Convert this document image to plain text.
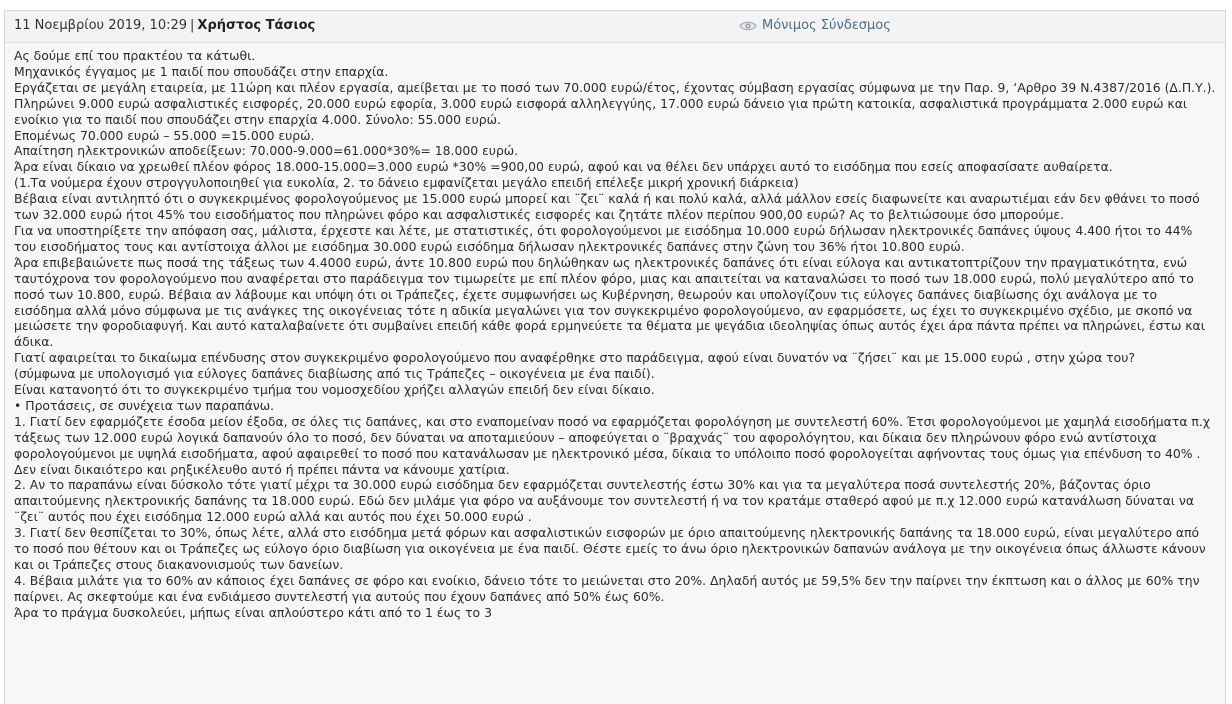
11 Νοεμβρίου 2019, 10:29 | Χρήστος Τάσιος	Μόνιμος Σύνδεσμος

Ας δούμε επί του πρακτέου τα κάτωθι.

Μηχανικός έγγαμος με 1 παιδί που σπουδάζει στην επαρχία.

Εργάζεται σε μεγάλη εταιρεία, με 11ώρη και πλέον εργασία, αμείβεται με το ποσό των 70.000 ευρώ/έτος, έχοντας σύμβαση εργασίας σύμφωνα με την Παρ. 9, ‘Αρθρο 39 Ν.4387/2016 (Δ.Π.Υ.).

Πληρώνει 9.000 ευρώ ασφαλιστικές εισφορές, 20.000 ευρώ εφορία, 3.000 ευρώ εισφορά αλληλεγγύης, 17.000 ευρώ δάνειο για πρώτη κατοικία, ασφαλιστικά προγράμματα 2.000 ευρώ και ενοίκιο για το παιδί που σπουδάζει στην επαρχία 4.000. Σύνολο: 55.000 ευρώ.

Επομένως 70.000 ευρώ – 55.000 =15.000 ευρώ.

Απαίτηση ηλεκτρονικών αποδείξεων: 70.000-9.000=61.000*30%= 18.000 ευρώ.

Άρα είναι δίκαιο να χρεωθεί πλέον φόρος 18.000-15.000=3.000 ευρώ *30% =900,00 ευρώ, αφού και να θέλει δεν υπάρχει αυτό το εισόδημα που εσείς αποφασίσατε αυθαίρετα.

(1.Τα νούμερα έχουν στρογγυλοποιηθεί για ευκολία, 2. το δάνειο εμφανίζεται μεγάλο επειδή επέλεξε μικρή χρονική διάρκεια)

Βέβαια είναι αντιληπτό ότι ο συγκεκριμένος φορολογούμενος με 15.000 ευρώ μπορεί και ¨ζει¨ καλά ή και πολύ καλά, αλλά μάλλον εσείς διαφωνείτε και αναρωτιέμαι εάν δεν φθάνει το ποσό των 32.000 ευρώ ήτοι 45% του εισοδήματος που πληρώνει φόρο και ασφαλιστικές εισφορές και ζητάτε πλέον περίπου 900,00 ευρώ? Ας το βελτιώσουμε όσο μπορούμε.

Για να υποστηρίξετε την απόφαση σας, μάλιστα, έρχεστε και λέτε, με στατιστικές, ότι φορολογούμενοι με εισόδημα 10.000 ευρώ δήλωσαν ηλεκτρονικές δαπάνες ύψους 4.400 ήτοι το 44% του εισοδήματος τους και αντίστοιχα άλλοι με εισόδημα 30.000 ευρώ εισόδημα δήλωσαν ηλεκτρονικές δαπάνες στην ζώνη του 36% ήτοι 10.800 ευρώ.

Άρα επιβεβαιώνετε πως ποσά της τάξεως των 4.4000 ευρώ, άντε 10.800 ευρώ που δηλώθηκαν ως ηλεκτρονικές δαπάνες ότι είναι εύλογα και αντικατοπτρίζουν την πραγματικότητα, ενώ ταυτόχρονα τον φορολογούμενο που αναφέρεται στο παράδειγμα τον τιμωρείτε με επί πλέον φόρο, μιας και απαιτείται να καταναλώσει το ποσό των 18.000 ευρώ, πολύ μεγαλύτερο από το ποσό των 10.800, ευρώ. Βέβαια αν λάβουμε και υπόψη ότι οι Τράπεζες, έχετε συμφωνήσει ως Κυβέρνηση, θεωρούν και υπολογίζουν τις εύλογες δαπάνες διαβίωσης όχι ανάλογα με το εισόδημα αλλά μόνο σύμφωνα με τις ανάγκες της οικογένειας τότε η αδικία μεγαλώνει για τον συγκεκριμένο φορολογούμενο, αν εφαρμόσετε, ως έχει το συγκεκριμένο σχέδιο, με σκοπό να μειώσετε την φοροδιαφυγή. Και αυτό καταλαβαίνετε ότι συμβαίνει επειδή κάθε φορά ερμηνεύετε τα θέματα με ψεγάδια ιδεοληψίας όπως αυτός έχει άρα πάντα πρέπει να πληρώνει, έστω και άδικα.

Γιατί αφαιρείται το δικαίωμα επένδυσης στον συγκεκριμένο φορολογούμενο που αναφέρθηκε στο παράδειγμα, αφού είναι δυνατόν να ¨ζήσει¨ και με 15.000 ευρώ , στην χώρα του?

(σύμφωνα με υπολογισμό για εύλογες δαπάνες διαβίωσης από τις Τράπεζες – οικογένεια με ένα παιδί).

Είναι κατανοητό ότι το συγκεκριμένο τμήμα του νομοσχεδίου χρήζει αλλαγών επειδή δεν είναι δίκαιο.

• Προτάσεις, σε συνέχεια των παραπάνω.

1. Γιατί δεν εφαρμόζετε έσοδα μείον έξοδα, σε όλες τις δαπάνες, και στο εναπομείναν ποσό να εφαρμόζεται φορολόγηση με συντελεστή 60%. Έτσι φορολογούμενοι με χαμηλά εισοδήματα π.χ τάξεως των 12.000 ευρώ λογικά δαπανούν όλο το ποσό, δεν δύναται να αποταμιεύουν – αποφεύγεται ο ¨βραχνάς¨ του αφορολόγητου, και δίκαια δεν πληρώνουν φόρο ενώ αντίστοιχα φορολογούμενοι με υψηλά εισοδήματα, αφού αφαιρεθεί το ποσό που κατανάλωσαν με ηλεκτρονικό μέσα, δίκαια το υπόλοιπο ποσό φορολογείται αφήνοντας τους όμως για επένδυση το 40% .

Δεν είναι δικαιότερο και ρηξικέλευθο αυτό ή πρέπει πάντα να κάνουμε χατίρια.

2. Αν το παραπάνω είναι δύσκολο τότε γιατί μέχρι τα 30.000 ευρώ εισόδημα δεν εφαρμόζεται συντελεστής έστω 30% και για τα μεγαλύτερα ποσά συντελεστής 20%, βάζοντας όριο απαιτούμενης ηλεκτρονικής δαπάνης τα 18.000 ευρώ. Εδώ δεν μιλάμε για φόρο να αυξάνουμε τον συντελεστή ή να τον κρατάμε σταθερό αφού με π.χ 12.000 ευρώ κατανάλωση δύναται να ¨ζει¨ αυτός που έχει εισόδημα 12.000 ευρώ αλλά και αυτός που έχει 50.000 ευρώ .

3. Γιατί δεν θεσπίζεται το 30%, όπως λέτε, αλλά στο εισόδημα μετά φόρων και ασφαλιστικών εισφορών με όριο απαιτούμενης ηλεκτρονικής δαπάνης τα 18.000 ευρώ, είναι μεγαλύτερο από το ποσό που θέτουν και οι Τράπεζες ως εύλογο όριο διαβίωση για οικογένεια με ένα παιδί. Θέστε εμείς το άνω όριο ηλεκτρονικών δαπανών ανάλογα με την οικογένεια όπως άλλωστε κάνουν και οι Τράπεζες στους διακανονισμούς των δανείων.

4. Βέβαια μιλάτε για το 60% αν κάποιος έχει δαπάνες σε φόρο και ενοίκιο, δάνειο τότε το μειώνεται στο 20%. Δηλαδή αυτός με 59,5% δεν την παίρνει την έκπτωση και ο άλλος με 60% την παίρνει. Ας σκεφτούμε και ένα ενδιάμεσο συντελεστή για αυτούς που έχουν δαπάνες από 50% έως 60%.

Άρα το πράγμα δυσκολεύει, μήπως είναι απλούστερο κάτι από το 1 έως το 3
